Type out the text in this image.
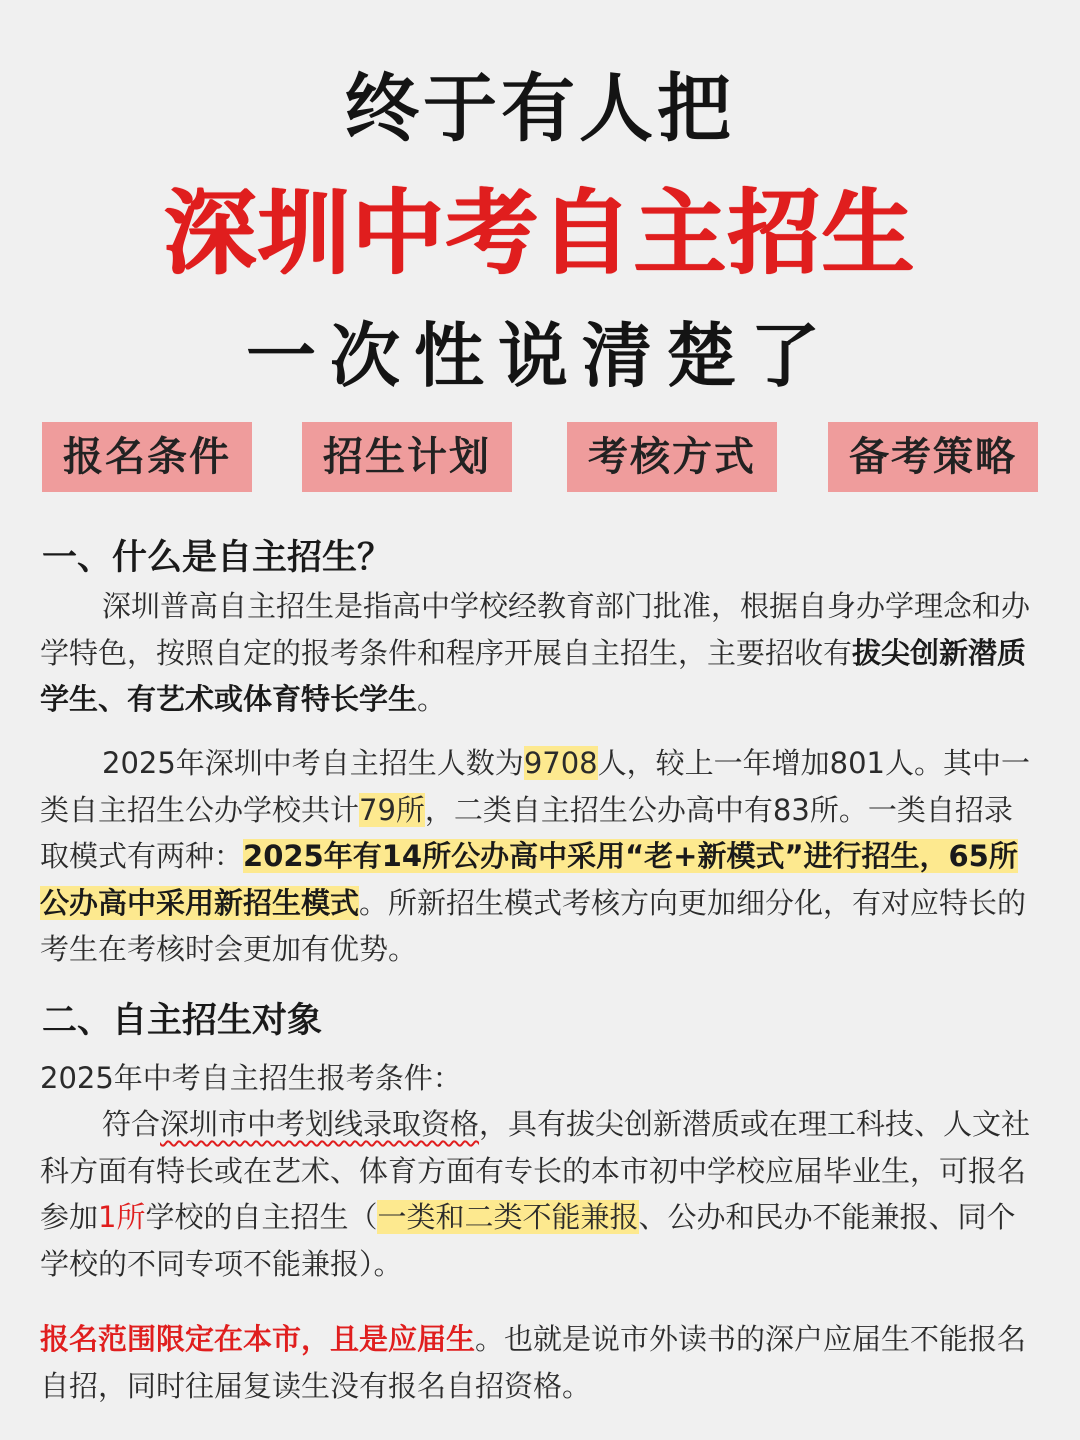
终于有人把
深圳中考自主招生
一次性说清楚了
报名条件	招生计划	考核方式	备考策略
一、什么是自主招生？
深圳普高自主招生是指高中学校经教育部门批准，根据自身办学理念和办学特色，按照自定的报考条件和程序开展自主招生，主要招收有拔尖创新潜质学生、有艺术或体育特长学生。
2025年深圳中考自主招生人数为9708人，较上一年增加801人。其中一类自主招生公办学校共计79所，二类自主招生公办高中有83所。一类自招录取模式有两种：2025年有14所公办高中采用“老+新模式”进行招生，65所公办高中采用新招生模式。所新招生模式考核方向更加细分化，有对应特长的考生在考核时会更加有优势。
二、自主招生对象
2025年中考自主招生报考条件：
符合深圳市中考划线录取资格，具有拔尖创新潜质或在理工科技、人文社科方面有特长或在艺术、体育方面有专长的本市初中学校应届毕业生，可报名参加1所学校的自主招生（一类和二类不能兼报、公办和民办不能兼报、同个学校的不同专项不能兼报）。
报名范围限定在本市，且是应届生。也就是说市外读书的深户应届生不能报名自招，同时往届复读生没有报名自招资格。
